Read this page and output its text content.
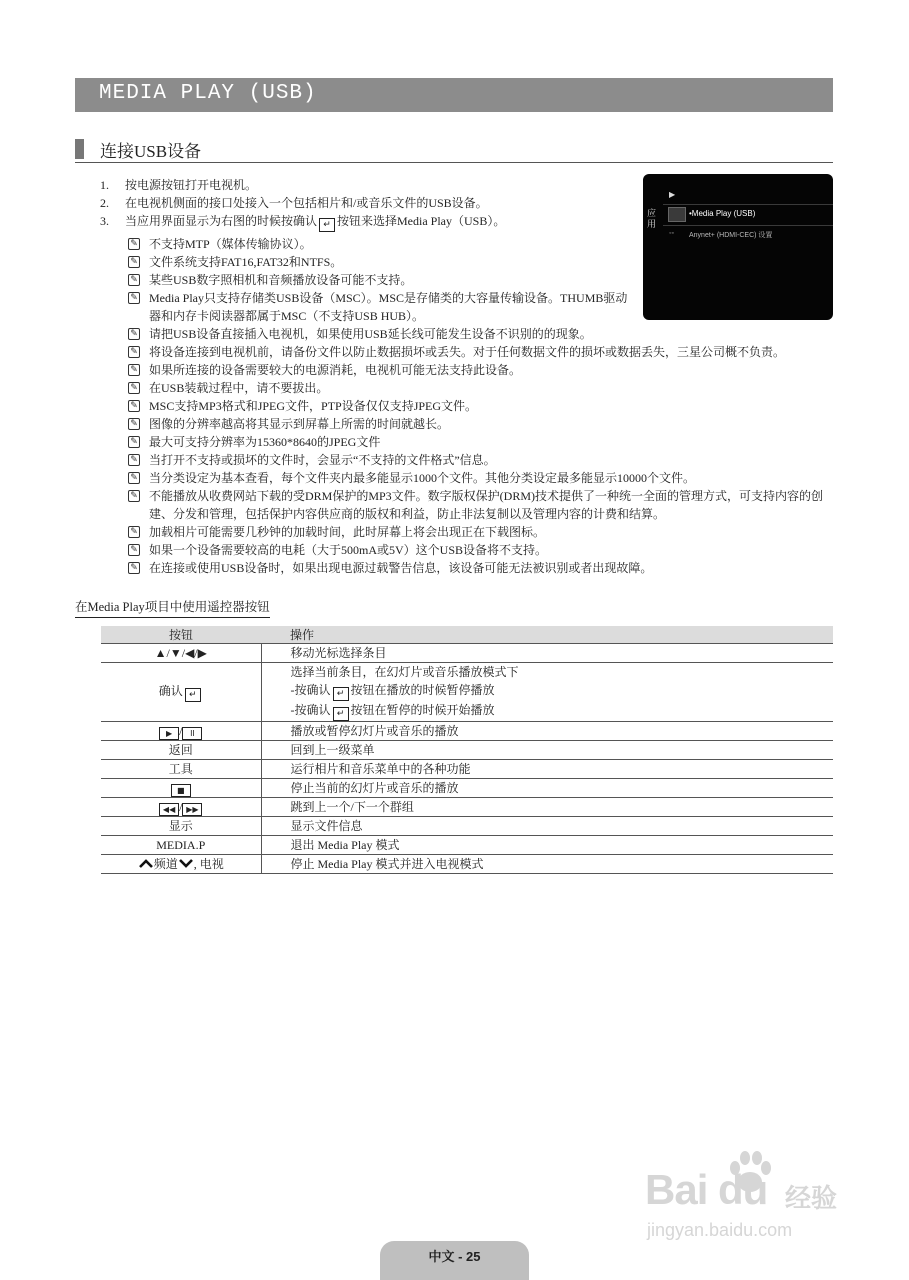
MEDIA PLAY (USB)
连接USB设备
1. 按电源按钮打开电视机。
2. 在电视机侧面的接口处接入一个包括相片和/或音乐文件的USB设备。
3. 当应用界面显示为右图的时候按确认 ↵ 按钮来选择Media Play（USB）。
应用
▶
•Media Play (USB)
◦◦ Anynet+ (HDMI-CEC) 设置
✎ 不支持MTP（媒体传输协议）。
✎ 文件系统支持FAT16,FAT32和NTFS。
✎ 某些USB数字照相机和音频播放设备可能不支持。
✎ Media Play只支持存储类USB设备（MSC）。MSC是存储类的大容量传输设备。THUMB驱动器和内存卡阅读器都属于MSC（不支持USB HUB）。
✎ 请把USB设备直接插入电视机，如果使用USB延长线可能发生设备不识别的的现象。
✎ 将设备连接到电视机前，请备份文件以防止数据损坏或丢失。对于任何数据文件的损坏或数据丢失，三星公司概不负责。
✎ 如果所连接的设备需要较大的电源消耗，电视机可能无法支持此设备。
✎ 在USB装载过程中，请不要拔出。
✎ MSC支持MP3格式和JPEG文件，PTP设备仅仅支持JPEG文件。
✎ 图像的分辨率越高将其显示到屏幕上所需的时间就越长。
✎ 最大可支持分辨率为15360*8640的JPEG文件
✎ 当打开不支持或损坏的文件时，会显示“不支持的文件格式”信息。
✎ 当分类设定为基本查看，每个文件夹内最多能显示1000个文件。其他分类设定最多能显示10000个文件。
✎ 不能播放从收费网站下载的受DRM保护的MP3文件。数字版权保护(DRM)技术提供了一种统一全面的管理方式，可支持内容的创建、分发和管理，包括保护内容供应商的版权和利益，防止非法复制以及管理内容的计费和结算。
✎ 加载相片可能需要几秒钟的加载时间，此时屏幕上将会出现正在下载图标。
✎ 如果一个设备需要较高的电耗（大于500mA或5V）这个USB设备将不支持。
✎ 在连接或使用USB设备时，如果出现电源过载警告信息，该设备可能无法被识别或者出现故障。
在Media Play项目中使用遥控器按钮
按钮	操作
▲/▼/◀/▶	移动光标选择条目
确认 ↵	选择当前条目，在幻灯片或音乐播放模式下
-按确认 ↵ 按钮在播放的时候暂停播放
-按确认 ↵ 按钮在暂停的时候开始播放

▶ / II	播放或暂停幻灯片或音乐的播放
返回	回到上一级菜单
工具	运行相片和音乐菜单中的各种功能
■	停止当前的幻灯片或音乐的播放
◀◀ / ▶▶	跳到上一个/下一个群组
显示	显示文件信息
MEDIA.P	退出 Media Play 模式
频道 , 电视	停止 Media Play 模式并进入电视模式
Bai du 经验
jingyan.baidu.com
中文 - 25
